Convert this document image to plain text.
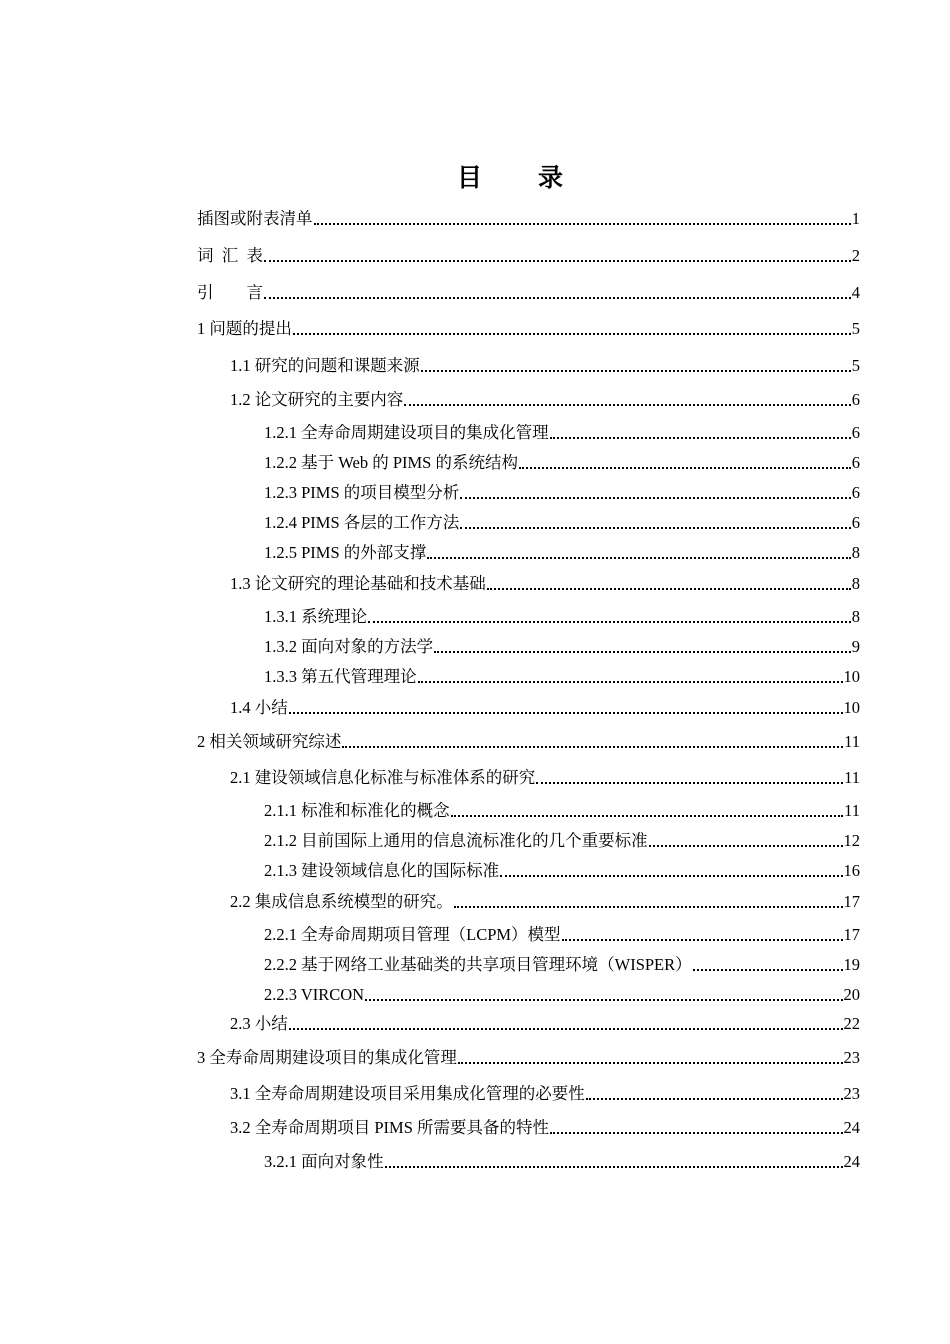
目 录
插图或附表清单	1
词  汇  表	2
引        言	4
1 问题的提出	5
1.1 研究的问题和课题来源	5
1.2 论文研究的主要内容	6
1.2.1 全寿命周期建设项目的集成化管理	6
1.2.2 基于 Web 的 PIMS 的系统结构	6
1.2.3 PIMS 的项目模型分析	6
1.2.4 PIMS 各层的工作方法	6
1.2.5 PIMS 的外部支撑	8
1.3 论文研究的理论基础和技术基础	8
1.3.1 系统理论	8
1.3.2 面向对象的方法学	9
1.3.3 第五代管理理论	10
1.4 小结	10
2 相关领域研究综述	11
2.1 建设领域信息化标准与标准体系的研究	11
2.1.1 标准和标准化的概念	11
2.1.2 目前国际上通用的信息流标准化的几个重要标准	12
2.1.3 建设领域信息化的国际标准	16
2.2 集成信息系统模型的研究。	17
2.2.1 全寿命周期项目管理（LCPM）模型	17
2.2.2 基于网络工业基础类的共享项目管理环境（WISPER）	19
2.2.3 VIRCON	20
2.3 小结	22
3 全寿命周期建设项目的集成化管理	23
3.1 全寿命周期建设项目采用集成化管理的必要性	23
3.2 全寿命周期项目 PIMS 所需要具备的特性	24
3.2.1 面向对象性	24
